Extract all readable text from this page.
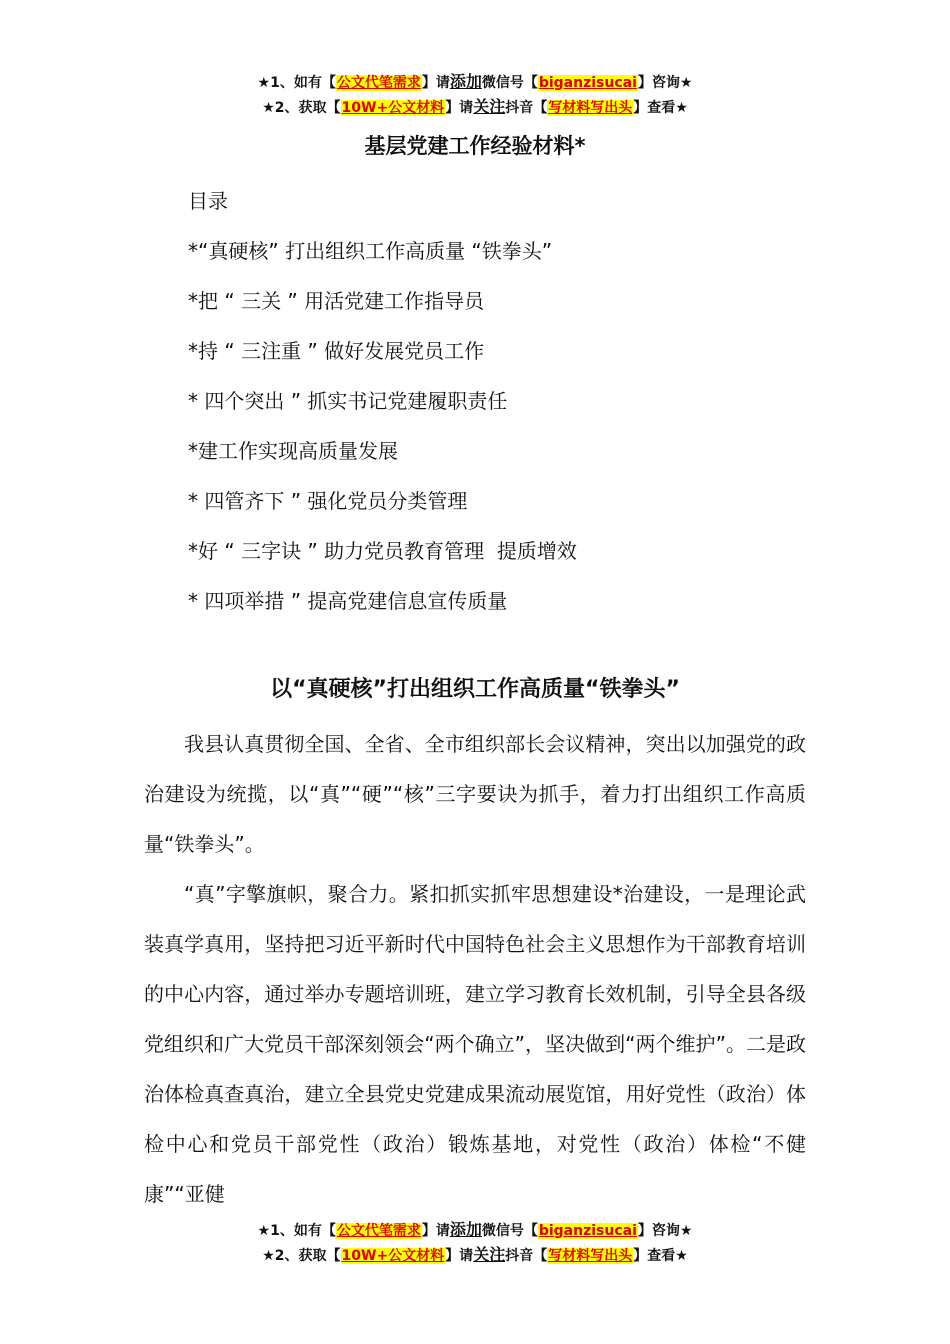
★1、如有【公文代笔需求】请添加微信号【biganzisucai】咨询★
★2、获取【10W+公文材料】请关注抖音【写材料写出头】查看★
基层党建工作经验材料*
目录
*“真硬核” 打出组织工作高质量 “铁拳头”
*把 “ 三关 ” 用活党建工作指导员
*持 “ 三注重 ” 做好发展党员工作
* 四个突出 ” 抓实书记党建履职责任
*建工作实现高质量发展
* 四管齐下 ” 强化党员分类管理
*好 “ 三字诀 ” 助力党员教育管理  提质增效
* 四项举措 ” 提高党建信息宣传质量
以“真硬核”打出组织工作高质量“铁拳头”

我县认真贯彻全国、全省、全市组织部长会议精神，突出以加强党的政治建设为统揽，以“真”“硬”“核”三字要诀为抓手，着力打出组织工作高质量“铁拳头”。

“真”字擎旗帜，聚合力。紧扣抓实抓牢思想建设*治建设，一是理论武装真学真用，坚持把习近平新时代中国特色社会主义思想作为干部教育培训的中心内容，通过举办专题培训班，建立学习教育长效机制，引导全县各级党组织和广大党员干部深刻领会“两个确立”，坚决做到“两个维护”。二是政治体检真查真治，建立全县党史党建成果流动展览馆，用好党性（政治）体检中心和党员干部党性（政治）锻炼基地，对党性（政治）体检“不健康”“亚健

★1、如有【公文代笔需求】请添加微信号【biganzisucai】咨询★
★2、获取【10W+公文材料】请关注抖音【写材料写出头】查看★
